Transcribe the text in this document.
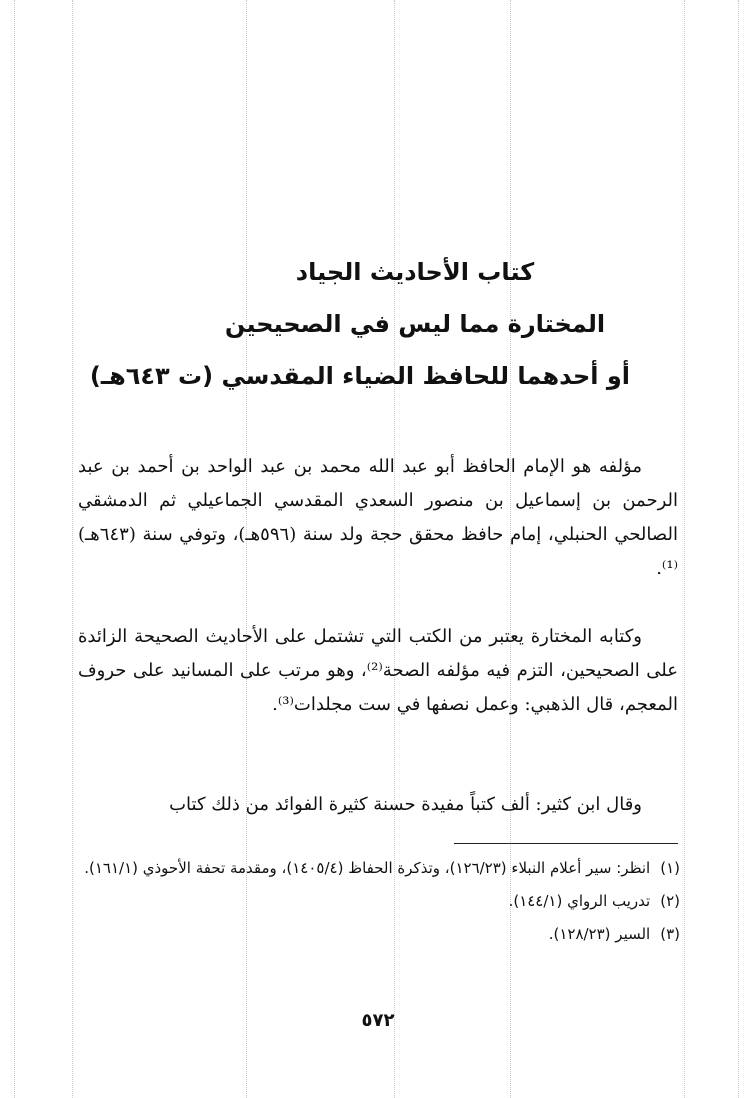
كتاب الأحاديث الجياد
المختارة مما ليس في الصحيحين
أو أحدهما للحافظ الضياء المقدسي (ت ٦٤٣هـ)

مؤلفه هو الإمام الحافظ أبو عبد الله محمد بن عبد الواحد بن أحمد بن عبد الرحمن بن إسماعيل بن منصور السعدي المقدسي الجماعيلي ثم الدمشقي الصالحي الحنبلي، إمام حافظ محقق حجة ولد سنة (٥٩٦هـ)، وتوفي سنة (٦٤٣هـ)⁽¹⁾.

وكتابه المختارة يعتبر من الكتب التي تشتمل على الأحاديث الصحيحة الزائدة على الصحيحين، التزم فيه مؤلفه الصحة⁽²⁾، وهو مرتب على المسانيد على حروف المعجم، قال الذهبي: وعمل نصفها في ست مجلدات⁽³⁾.

وقال ابن كثير: ألف كتباً مفيدة حسنة كثيرة الفوائد من ذلك كتاب

(١)انظر: سير أعلام النبلاء (١٢٦/٢٣)، وتذكرة الحفاظ (١٤٠٥/٤)، ومقدمة تحفة الأحوذي (١٦١/١).

(٢)تدريب الرواي (١٤٤/١).

(٣)السير (١٢٨/٢٣).

٥٧٢
